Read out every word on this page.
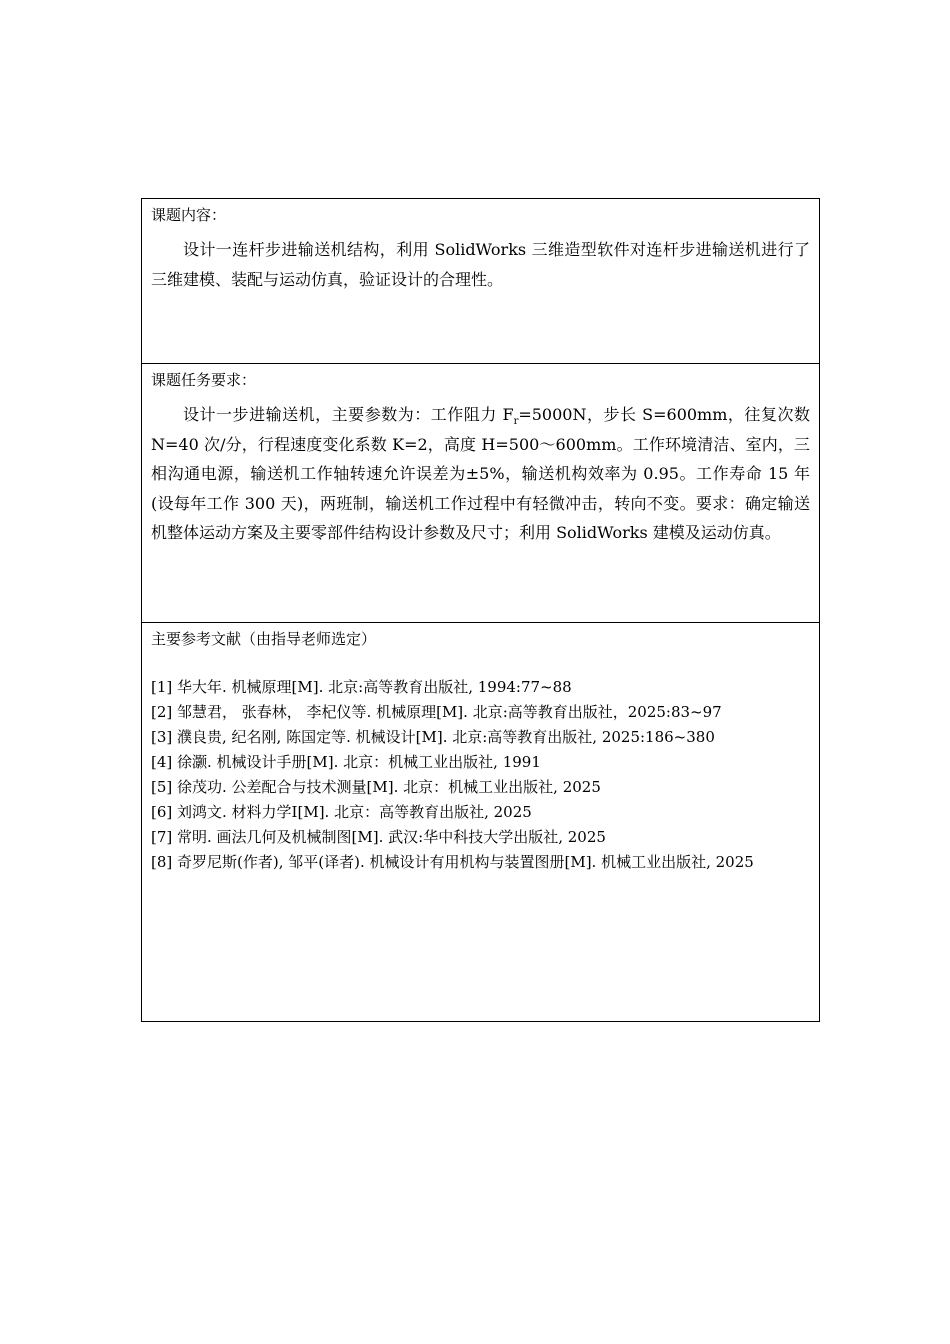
课题内容：

设计一连杆步进输送机结构，利用 SolidWorks 三维造型软件对连杆步进输送机进行了三维建模、装配与运动仿真，验证设计的合理性。

课题任务要求：

设计一步进输送机，主要参数为：工作阻力 $F_r=5000N$，步长 S=600mm，往复次数 N=40 次/分，行程速度变化系数 K=2，高度 H=500～600mm。工作环境清洁、室内，三相沟通电源，输送机工作轴转速允许误差为±5%，输送机构效率为 0.95。工作寿命 15 年(设每年工作 300 天)，两班制，输送机工作过程中有轻微冲击，转向不变。要求：确定输送机整体运动方案及主要零部件结构设计参数及尺寸；利用 SolidWorks 建模及运动仿真。

主要参考文献（由指导老师选定）

[1] 华大年. 机械原理[M]. 北京:高等教育出版社, 1994:77~88
[2] 邹慧君， 张春林， 李杞仪等. 机械原理[M]. 北京:高等教育出版社，2025:83~97
[3] 濮良贵, 纪名刚, 陈国定等. 机械设计[M]. 北京:高等教育出版社, 2025:186~380
[4] 徐灏. 机械设计手册[M]. 北京：机械工业出版社, 1991
[5] 徐茂功. 公差配合与技术测量[M]. 北京：机械工业出版社, 2025
[6] 刘鸿文. 材料力学Ⅰ[M]. 北京：高等教育出版社, 2025
[7] 常明. 画法几何及机械制图[M]. 武汉:华中科技大学出版社, 2025
[8] 奇罗尼斯(作者), 邹平(译者). 机械设计有用机构与装置图册[M]. 机械工业出版社, 2025
